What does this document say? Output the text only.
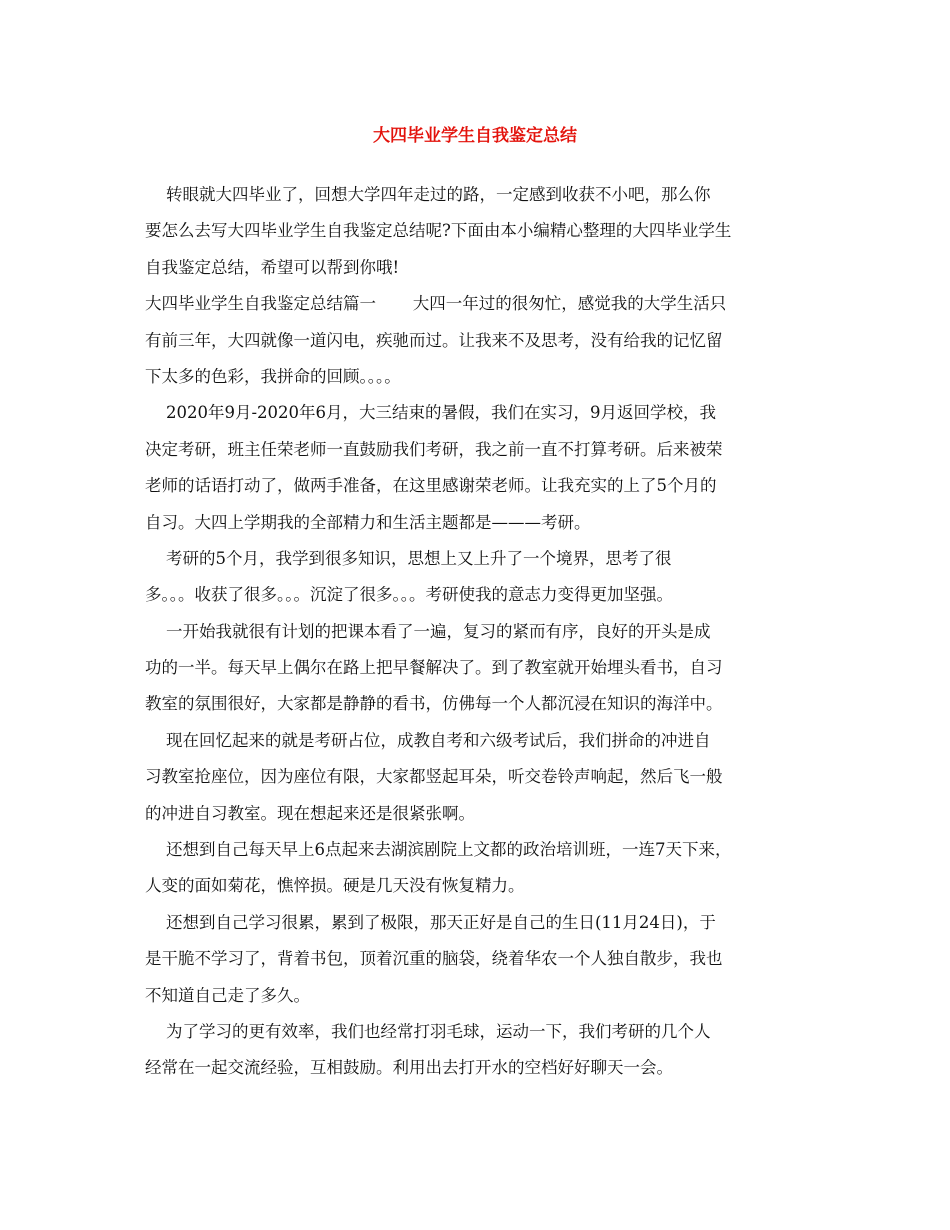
大四毕业学生自我鉴定总结
转眼就大四毕业了，回想大学四年走过的路，一定感到收获不小吧，那么你
要怎么去写大四毕业学生自我鉴定总结呢?下面由本小编精心整理的大四毕业学生
自我鉴定总结，希望可以帮到你哦!
大四毕业学生自我鉴定总结篇一       大四一年过的很匆忙，感觉我的大学生活只
有前三年，大四就像一道闪电，疾驰而过。让我来不及思考，没有给我的记忆留
下太多的色彩，我拼命的回顾。。。。
2020年9月-2020年6月，大三结束的暑假，我们在实习，9月返回学校，我
决定考研，班主任荣老师一直鼓励我们考研，我之前一直不打算考研。后来被荣
老师的话语打动了，做两手准备，在这里感谢荣老师。让我充实的上了5个月的
自习。大四上学期我的全部精力和生活主题都是———考研。
考研的5个月，我学到很多知识，思想上又上升了一个境界，思考了很
多。。。收获了很多。。。沉淀了很多。。。考研使我的意志力变得更加坚强。
一开始我就很有计划的把课本看了一遍，复习的紧而有序，良好的开头是成
功的一半。每天早上偶尔在路上把早餐解决了。到了教室就开始埋头看书，自习
教室的氛围很好，大家都是静静的看书，仿佛每一个人都沉浸在知识的海洋中。
现在回忆起来的就是考研占位，成教自考和六级考试后，我们拼命的冲进自
习教室抢座位，因为座位有限，大家都竖起耳朵，听交卷铃声响起，然后飞一般
的冲进自习教室。现在想起来还是很紧张啊。
还想到自己每天早上6点起来去湖滨剧院上文都的政治培训班，一连7天下来，
人变的面如菊花，憔悴损。硬是几天没有恢复精力。
还想到自己学习很累，累到了极限，那天正好是自己的生日(11月24日)，于
是干脆不学习了，背着书包，顶着沉重的脑袋，绕着华农一个人独自散步，我也
不知道自己走了多久。
为了学习的更有效率，我们也经常打羽毛球，运动一下，我们考研的几个人
经常在一起交流经验，互相鼓励。利用出去打开水的空档好好聊天一会。
